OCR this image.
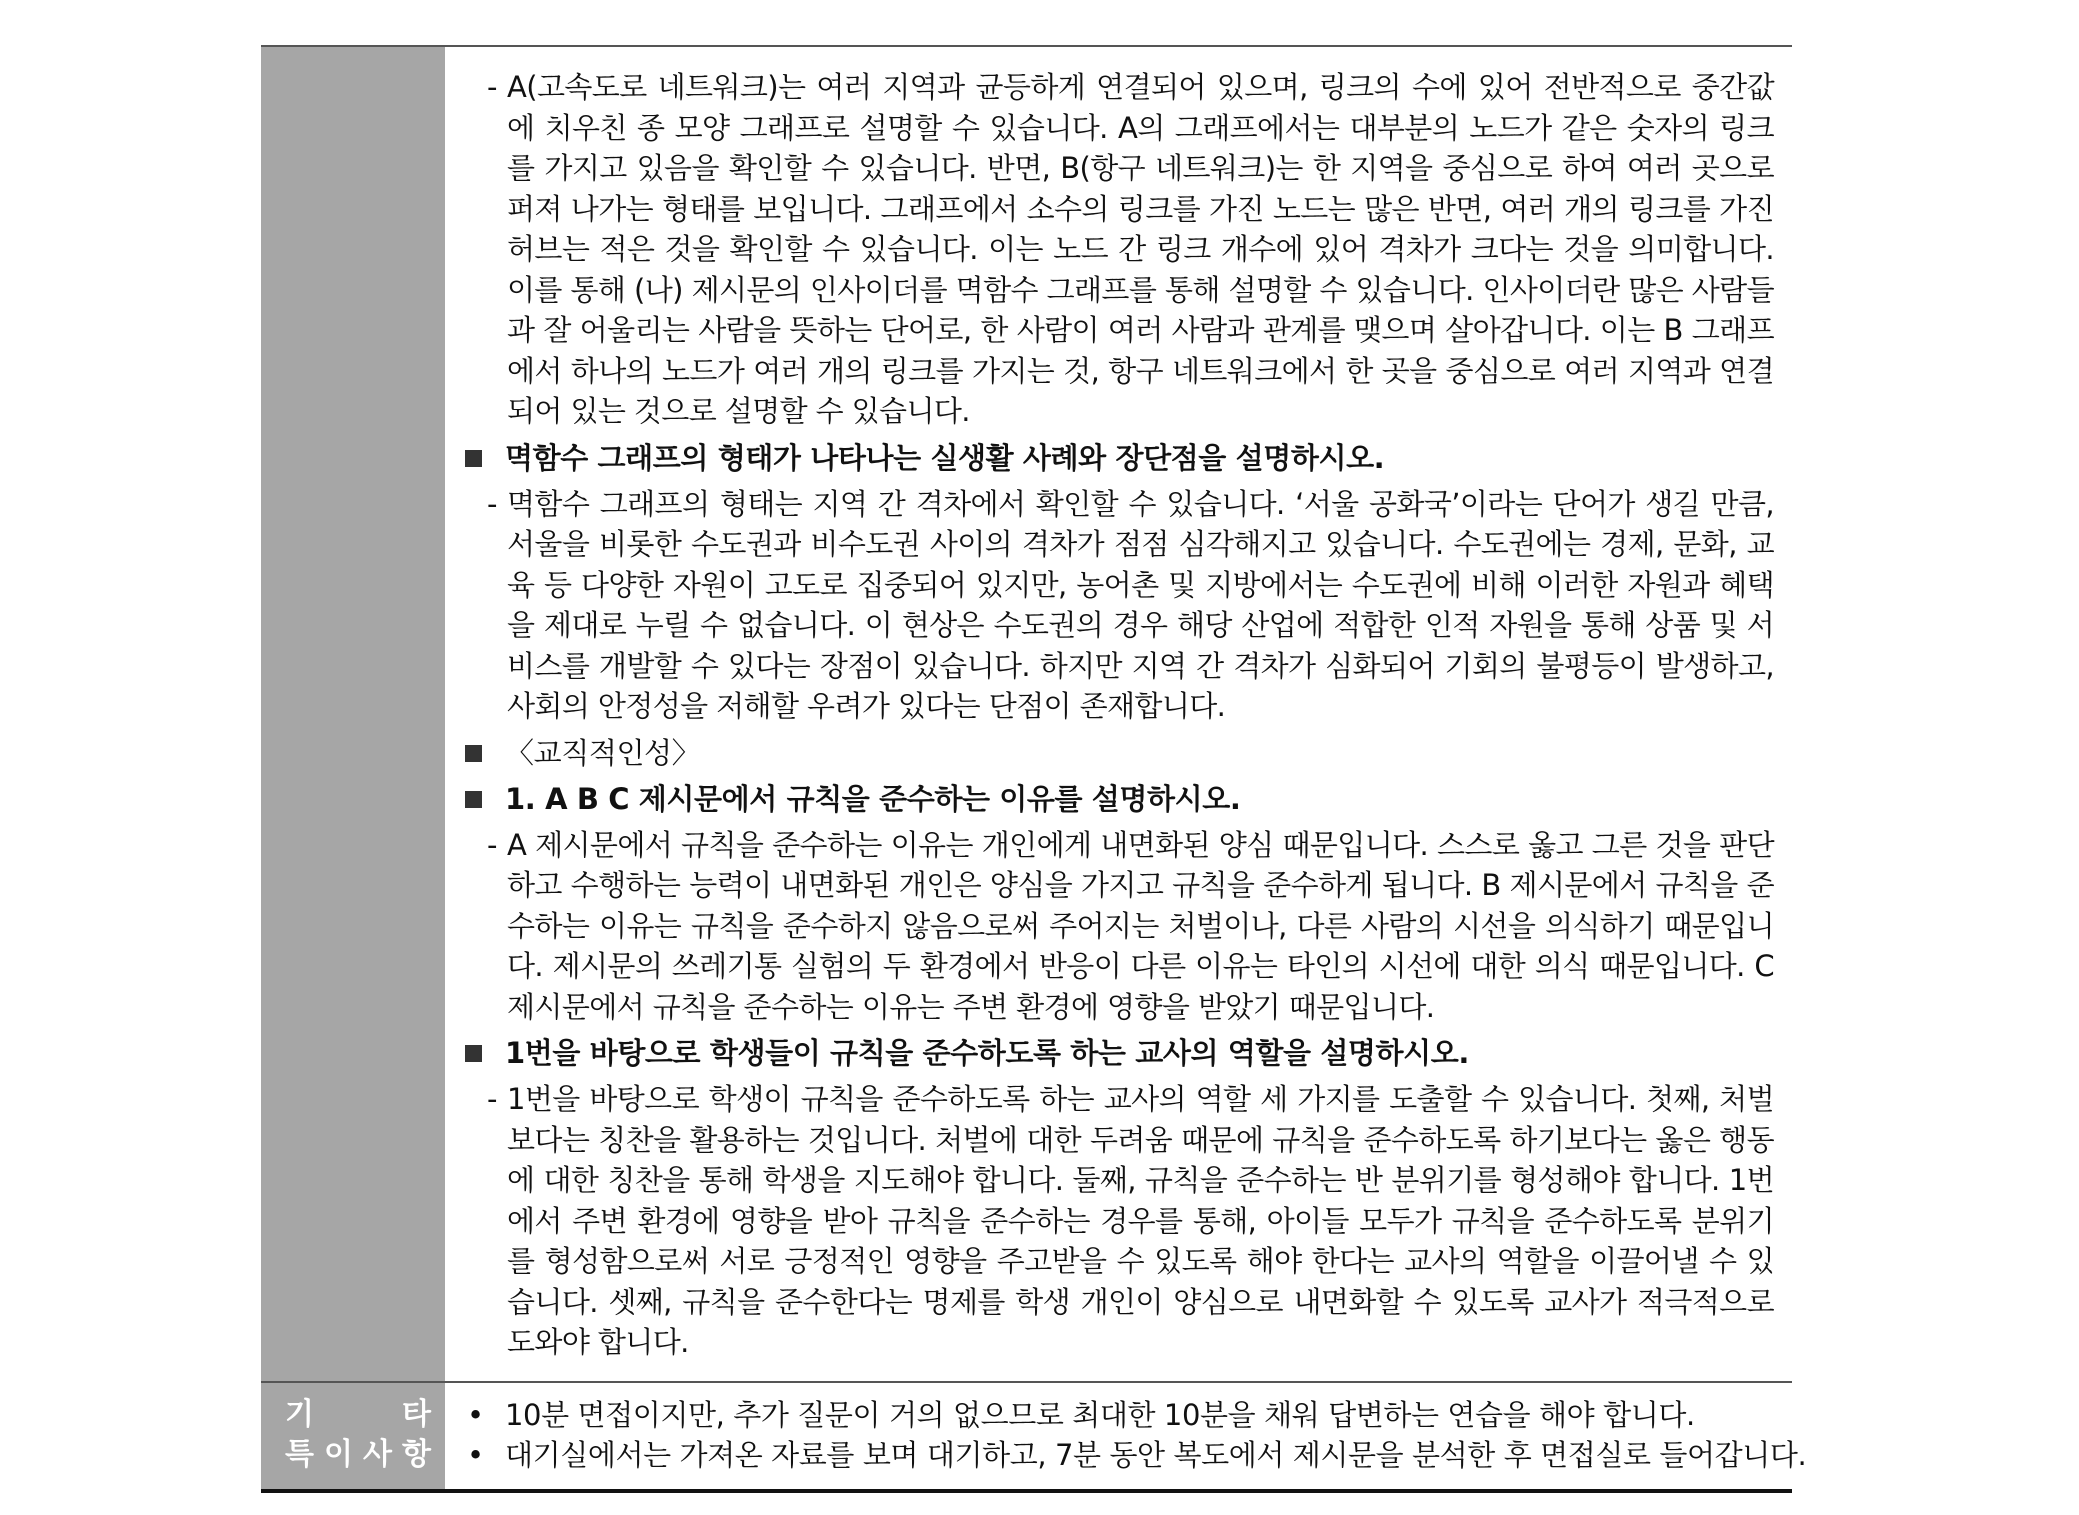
- A(고속도로 네트워크)는 여러 지역과 균등하게 연결되어 있으며, 링크의 수에 있어 전반적으로 중간값에 치우친 종 모양 그래프로 설명할 수 있습니다. A의 그래프에서는 대부분의 노드가 같은 숫자의 링크를 가지고 있음을 확인할 수 있습니다. 반면, B(항구 네트워크)는 한 지역을 중심으로 하여 여러 곳으로 퍼져 나가는 형태를 보입니다. 그래프에서 소수의 링크를 가진 노드는 많은 반면, 여러 개의 링크를 가진 허브는 적은 것을 확인할 수 있습니다. 이는 노드 간 링크 개수에 있어 격차가 크다는 것을 의미합니다. 이를 통해 (나) 제시문의 인사이더를 멱함수 그래프를 통해 설명할 수 있습니다. 인사이더란 많은 사람들과 잘 어울리는 사람을 뜻하는 단어로, 한 사람이 여러 사람과 관계를 맺으며 살아갑니다. 이는 B 그래프에서 하나의 노드가 여러 개의 링크를 가지는 것, 항구 네트워크에서 한 곳을 중심으로 여러 지역과 연결되어 있는 것으로 설명할 수 있습니다.
멱함수 그래프의 형태가 나타나는 실생활 사례와 장단점을 설명하시오.
- 멱함수 그래프의 형태는 지역 간 격차에서 확인할 수 있습니다. ‘서울 공화국’이라는 단어가 생길 만큼, 서울을 비롯한 수도권과 비수도권 사이의 격차가 점점 심각해지고 있습니다. 수도권에는 경제, 문화, 교육 등 다양한 자원이 고도로 집중되어 있지만, 농어촌 및 지방에서는 수도권에 비해 이러한 자원과 혜택을 제대로 누릴 수 없습니다. 이 현상은 수도권의 경우 해당 산업에 적합한 인적 자원을 통해 상품 및 서비스를 개발할 수 있다는 장점이 있습니다. 하지만 지역 간 격차가 심화되어 기회의 불평등이 발생하고, 사회의 안정성을 저해할 우려가 있다는 단점이 존재합니다.
〈교직적인성〉
1. A B C 제시문에서 규칙을 준수하는 이유를 설명하시오.
- A 제시문에서 규칙을 준수하는 이유는 개인에게 내면화된 양심 때문입니다. 스스로 옳고 그른 것을 판단하고 수행하는 능력이 내면화된 개인은 양심을 가지고 규칙을 준수하게 됩니다. B 제시문에서 규칙을 준수하는 이유는 규칙을 준수하지 않음으로써 주어지는 처벌이나, 다른 사람의 시선을 의식하기 때문입니다. 제시문의 쓰레기통 실험의 두 환경에서 반응이 다른 이유는 타인의 시선에 대한 의식 때문입니다. C 제시문에서 규칙을 준수하는 이유는 주변 환경에 영향을 받았기 때문입니다.
1번을 바탕으로 학생들이 규칙을 준수하도록 하는 교사의 역할을 설명하시오.
- 1번을 바탕으로 학생이 규칙을 준수하도록 하는 교사의 역할 세 가지를 도출할 수 있습니다. 첫째, 처벌보다는 칭찬을 활용하는 것입니다. 처벌에 대한 두려움 때문에 규칙을 준수하도록 하기보다는 옳은 행동에 대한 칭찬을 통해 학생을 지도해야 합니다. 둘째, 규칙을 준수하는 반 분위기를 형성해야 합니다. 1번에서 주변 환경에 영향을 받아 규칙을 준수하는 경우를 통해, 아이들 모두가 규칙을 준수하도록 분위기를 형성함으로써 서로 긍정적인 영향을 주고받을 수 있도록 해야 한다는 교사의 역할을 이끌어낼 수 있습니다. 셋째, 규칙을 준수한다는 명제를 학생 개인이 양심으로 내면화할 수 있도록 교사가 적극적으로 도와야 합니다.
기	타
특이사항
• 10분 면접이지만, 추가 질문이 거의 없으므로 최대한 10분을 채워 답변하는 연습을 해야 합니다.
• 대기실에서는 가져온 자료를 보며 대기하고, 7분 동안 복도에서 제시문을 분석한 후 면접실로 들어갑니다.
